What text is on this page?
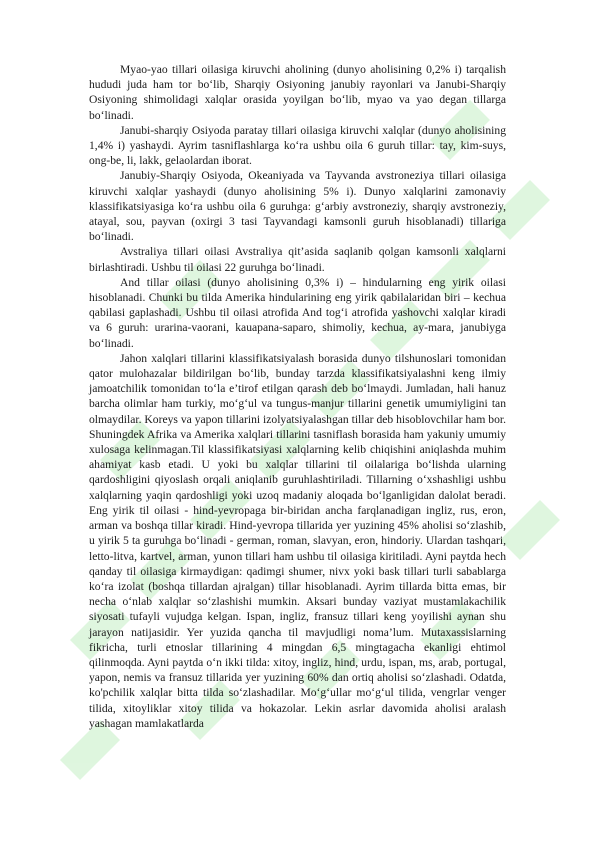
Myao-yao tillari oilasiga kiruvchi aholining (dunyo aholisining 0,2% i) tarqalish hududi juda ham tor bo‘lib, Sharqiy Osiyoning janubiy rayonlari va Janubi-Sharqiy Osiyoning shimolidagi xalqlar orasida yoyilgan bo‘lib, myao va yao degan tillarga bo‘linadi.

Janubi-sharqiy Osiyoda paratay tillari oilasiga kiruvchi xalqlar (dunyo aholisining 1,4% i) yashaydi. Ayrim tasniflashlarga ko‘ra ushbu oila 6 guruh tillar: tay, kim-suys, ong-be, li, lakk, gelaolardan iborat.

Janubiy-Sharqiy Osiyoda, Okeaniyada va Tayvanda avstroneziya tillari oilasiga kiruvchi xalqlar yashaydi (dunyo aholisining 5% i). Dunyo xalqlarini zamonaviy klassifikatsiyasiga ko‘ra ushbu oila 6 guruhga: g‘arbiy avstroneziy, sharqiy avstroneziy, atayal, sou, payvan (oxirgi 3 tasi Tayvandagi kamsonli guruh hisoblanadi) tillariga bo‘linadi.

Avstraliya tillari oilasi Avstraliya qit’asida saqlanib qolgan kamsonli xalqlarni birlashtiradi. Ushbu til oilasi 22 guruhga bo‘linadi.

And tillar oilasi (dunyo aholisining 0,3% i) – hindularning eng yirik oilasi hisoblanadi. Chunki bu tilda Amerika hindularining eng yirik qabilalaridan biri – kechua qabilasi gaplashadi. Ushbu til oilasi atrofida And tog‘i atrofida yashovchi xalqlar kiradi va 6 guruh: urarina-vaorani, kauapana-saparo, shimoliy, kechua, ay-mara, janubiyga bo‘linadi.

Jahon xalqlari tillarini klassifikatsiyalash borasida dunyo tilshunoslari tomonidan qator mulohazalar bildirilgan bo‘lib, bunday tarzda klassifikatsiyalashni keng ilmiy jamoatchilik tomonidan to‘la e’tirof etilgan qarash deb bo‘lmaydi. Jumladan, hali hanuz barcha olimlar ham turkiy, mo‘g‘ul va tungus-manjur tillarini genetik umumiyligini tan olmaydilar. Koreys va yapon tillarini izolyatsiyalashgan tillar deb hisoblovchilar ham bor. Shuningdek Afrika va Amerika xalqlari tillarini tasniflash borasida ham yakuniy umumiy xulosaga kelinmagan.Til klassifikatsiyasi xalqlarning kelib chiqishini aniqlashda muhim ahamiyat kasb etadi. U yoki bu xalqlar tillarini til oilalariga bo‘lishda ularning qardoshligini qiyoslash orqali aniqlanib guruhlashtiriladi. Tillarning o‘xshashligi ushbu xalqlarning yaqin qardoshligi yoki uzoq madaniy aloqada bo‘lganligidan dalolat beradi. Eng yirik til oilasi - hind-yevropaga bir-biridan ancha farqlanadigan ingliz, rus, eron, arman va boshqa tillar kiradi. Hind-yevropa tillarida yer yuzining 45% aholisi so‘zlashib, u yirik 5 ta guruhga bo‘linadi - german, roman, slavyan, eron, hindoriy. Ulardan tashqari, letto-litva, kartvel, arman, yunon tillari ham ushbu til oilasiga kiritiladi. Ayni paytda hech qanday til oilasiga kirmaydigan: qadimgi shumer, nivx yoki bask tillari turli sabablarga ko‘ra izolat (boshqa tillardan ajralgan) tillar hisoblanadi. Ayrim tillarda bitta emas, bir necha o‘nlab xalqlar so‘zlashishi mumkin. Aksari bunday vaziyat mustamlakachilik siyosati tufayli vujudga kelgan. Ispan, ingliz, fransuz tillari keng yoyilishi aynan shu jarayon natijasidir. Yer yuzida qancha til mavjudligi noma’lum. Mutaxassislarning fikricha, turli etnoslar tillarining 4 mingdan 6,5 mingtagacha ekanligi ehtimol qilinmoqda. Ayni paytda o‘n ikki tilda: xitoy, ingliz, hind, urdu, ispan, ms, arab, portugal, yapon, nemis va fransuz tillarida yer yuzining 60% dan ortiq aholisi so‘zlashadi. Odatda, ko'pchilik xalqlar bitta tilda so‘zlashadilar. Mo‘g‘ullar mo‘g‘ul tilida, vengrlar venger tilida, xitoyliklar xitoy tilida va hokazolar. Lekin asrlar davomida aholisi aralash yashagan mamlakatlarda
